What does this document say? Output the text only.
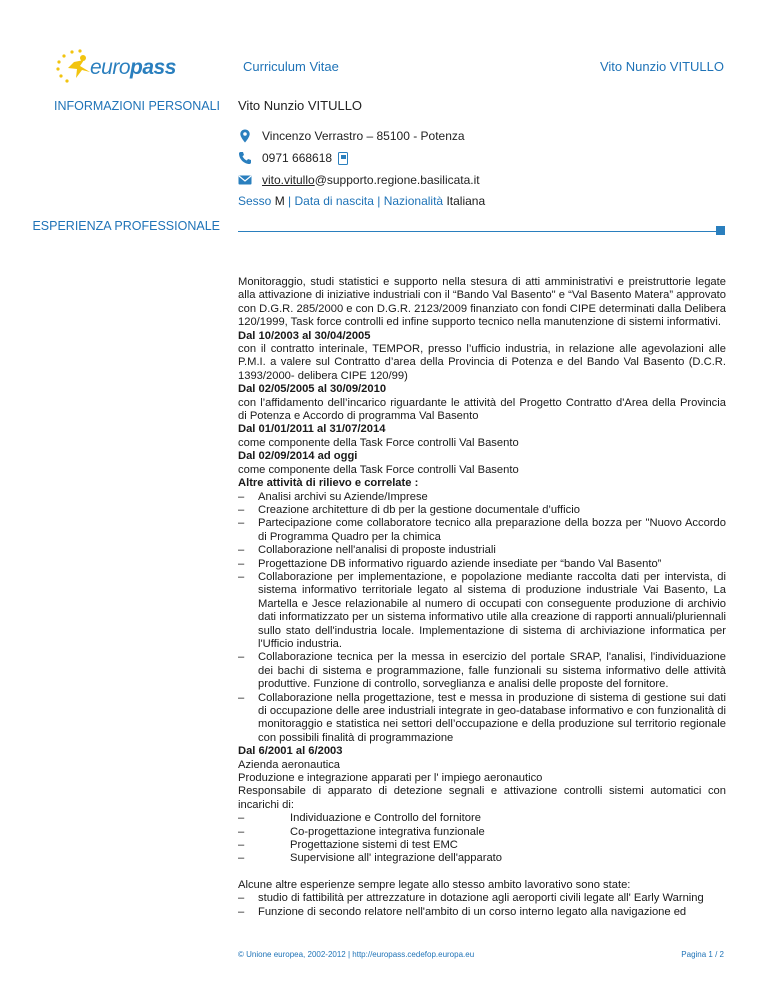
europass	Curriculum Vitae	Vito Nunzio VITULLO
INFORMAZIONI PERSONALI Vito Nunzio VITULLO
Vincenzo Verrastro – 85100 - Potenza
0971 668618
vito.vitullo @supporto.regione.basilicata.it
Sesso M | Data di nascita | Nazionalità Italiana
ESPERIENZA PROFESSIONALE

Monitoraggio, studi statistici e supporto nella stesura di atti amministrativi e preistruttorie legate alla attivazione di iniziative industriali con il “Bando Val Basento" e “Val Basento Matera” approvato con D.G.R. 285/2000 e con D.G.R. 2123/2009 finanziato con fondi CIPE determinati dalla Delibera 120/1999, Task force controlli ed infine supporto tecnico nella manutenzione di sistemi informativi.

Dal 10/2003 al 30/04/2005

con il contratto interinale, TEMPOR, presso l’ufficio industria, in relazione alle agevolazioni alle P.M.I. a valere sul Contratto d’area della Provincia di Potenza e del Bando Val Basento (D.C.R. 1393/2000- delibera CIPE 120/99)

Dal 02/05/2005 al 30/09/2010

con l’affidamento dell’incarico riguardante le attività del Progetto Contratto d'Area della Provincia di Potenza e Accordo di programma Val Basento

Dal 01/01/2011 al 31/07/2014

come componente della Task Force controlli Val Basento

Dal 02/09/2014 ad oggi

come componente della Task Force controlli Val Basento

Altre attività di rilievo e correlate :

–	Analisi archivi su Aziende/Imprese
–	Creazione architetture di db per la gestione documentale d’ufficio
–	Partecipazione come collaboratore tecnico alla preparazione della bozza per "Nuovo Accordo di Programma Quadro per la chimica
–	Collaborazione nell'analisi di proposte industriali
–	Progettazione DB informativo riguardo aziende insediate per “bando Val Basento”
–	Collaborazione per implementazione, e popolazione mediante raccolta dati per intervista, di sistema informativo territoriale legato al sistema di produzione industriale Vai Basento, La Martella e Jesce relazionabile al numero di occupati con conseguente produzione di archivio dati informatizzato per un sistema informativo utile alla creazione di rapporti annuali/pluriennali sullo stato dell'industria locale. Implementazione di sistema di archiviazione informatica per l'Ufficio industria.
–	Collaborazione tecnica per la messa in esercizio del portale SRAP, l'analisi, l'individuazione dei bachi di sistema e programmazione, falle funzionali su sistema informativo delle attività produttive. Funzione di controllo, sorveglianza e analisi delle proposte del fornitore.
–	Collaborazione nella progettazione, test e messa in produzione di sistema di gestione sui dati di occupazione delle aree industriali integrate in geo-database informativo e con funzionalità di monitoraggio e statistica nei settori dell’occupazione e della produzione sul territorio regionale con possibili finalità di programmazione

Dal 6/2001 al 6/2003

Azienda aeronautica

Produzione e integrazione apparati per l' impiego aeronautico

Responsabile di apparato di detezione segnali e attivazione controlli sistemi automatici con incarichi di:

–	Individuazione e Controllo del fornitore
–	Co-progettazione integrativa funzionale
–	Progettazione sistemi di test EMC
–	Supervisione all' integrazione dell'apparato

Alcune altre esperienze sempre legate allo stesso ambito lavorativo sono state:

–	studio di fattibilità per attrezzature in dotazione agli aeroporti civili legate all' Early Warning
–	Funzione di secondo relatore nell'ambito di un corso interno legato alla navigazione ed
© Unione europea, 2002-2012 | http://europass.cedefop.europa.eu	Pagina 1 / 2
